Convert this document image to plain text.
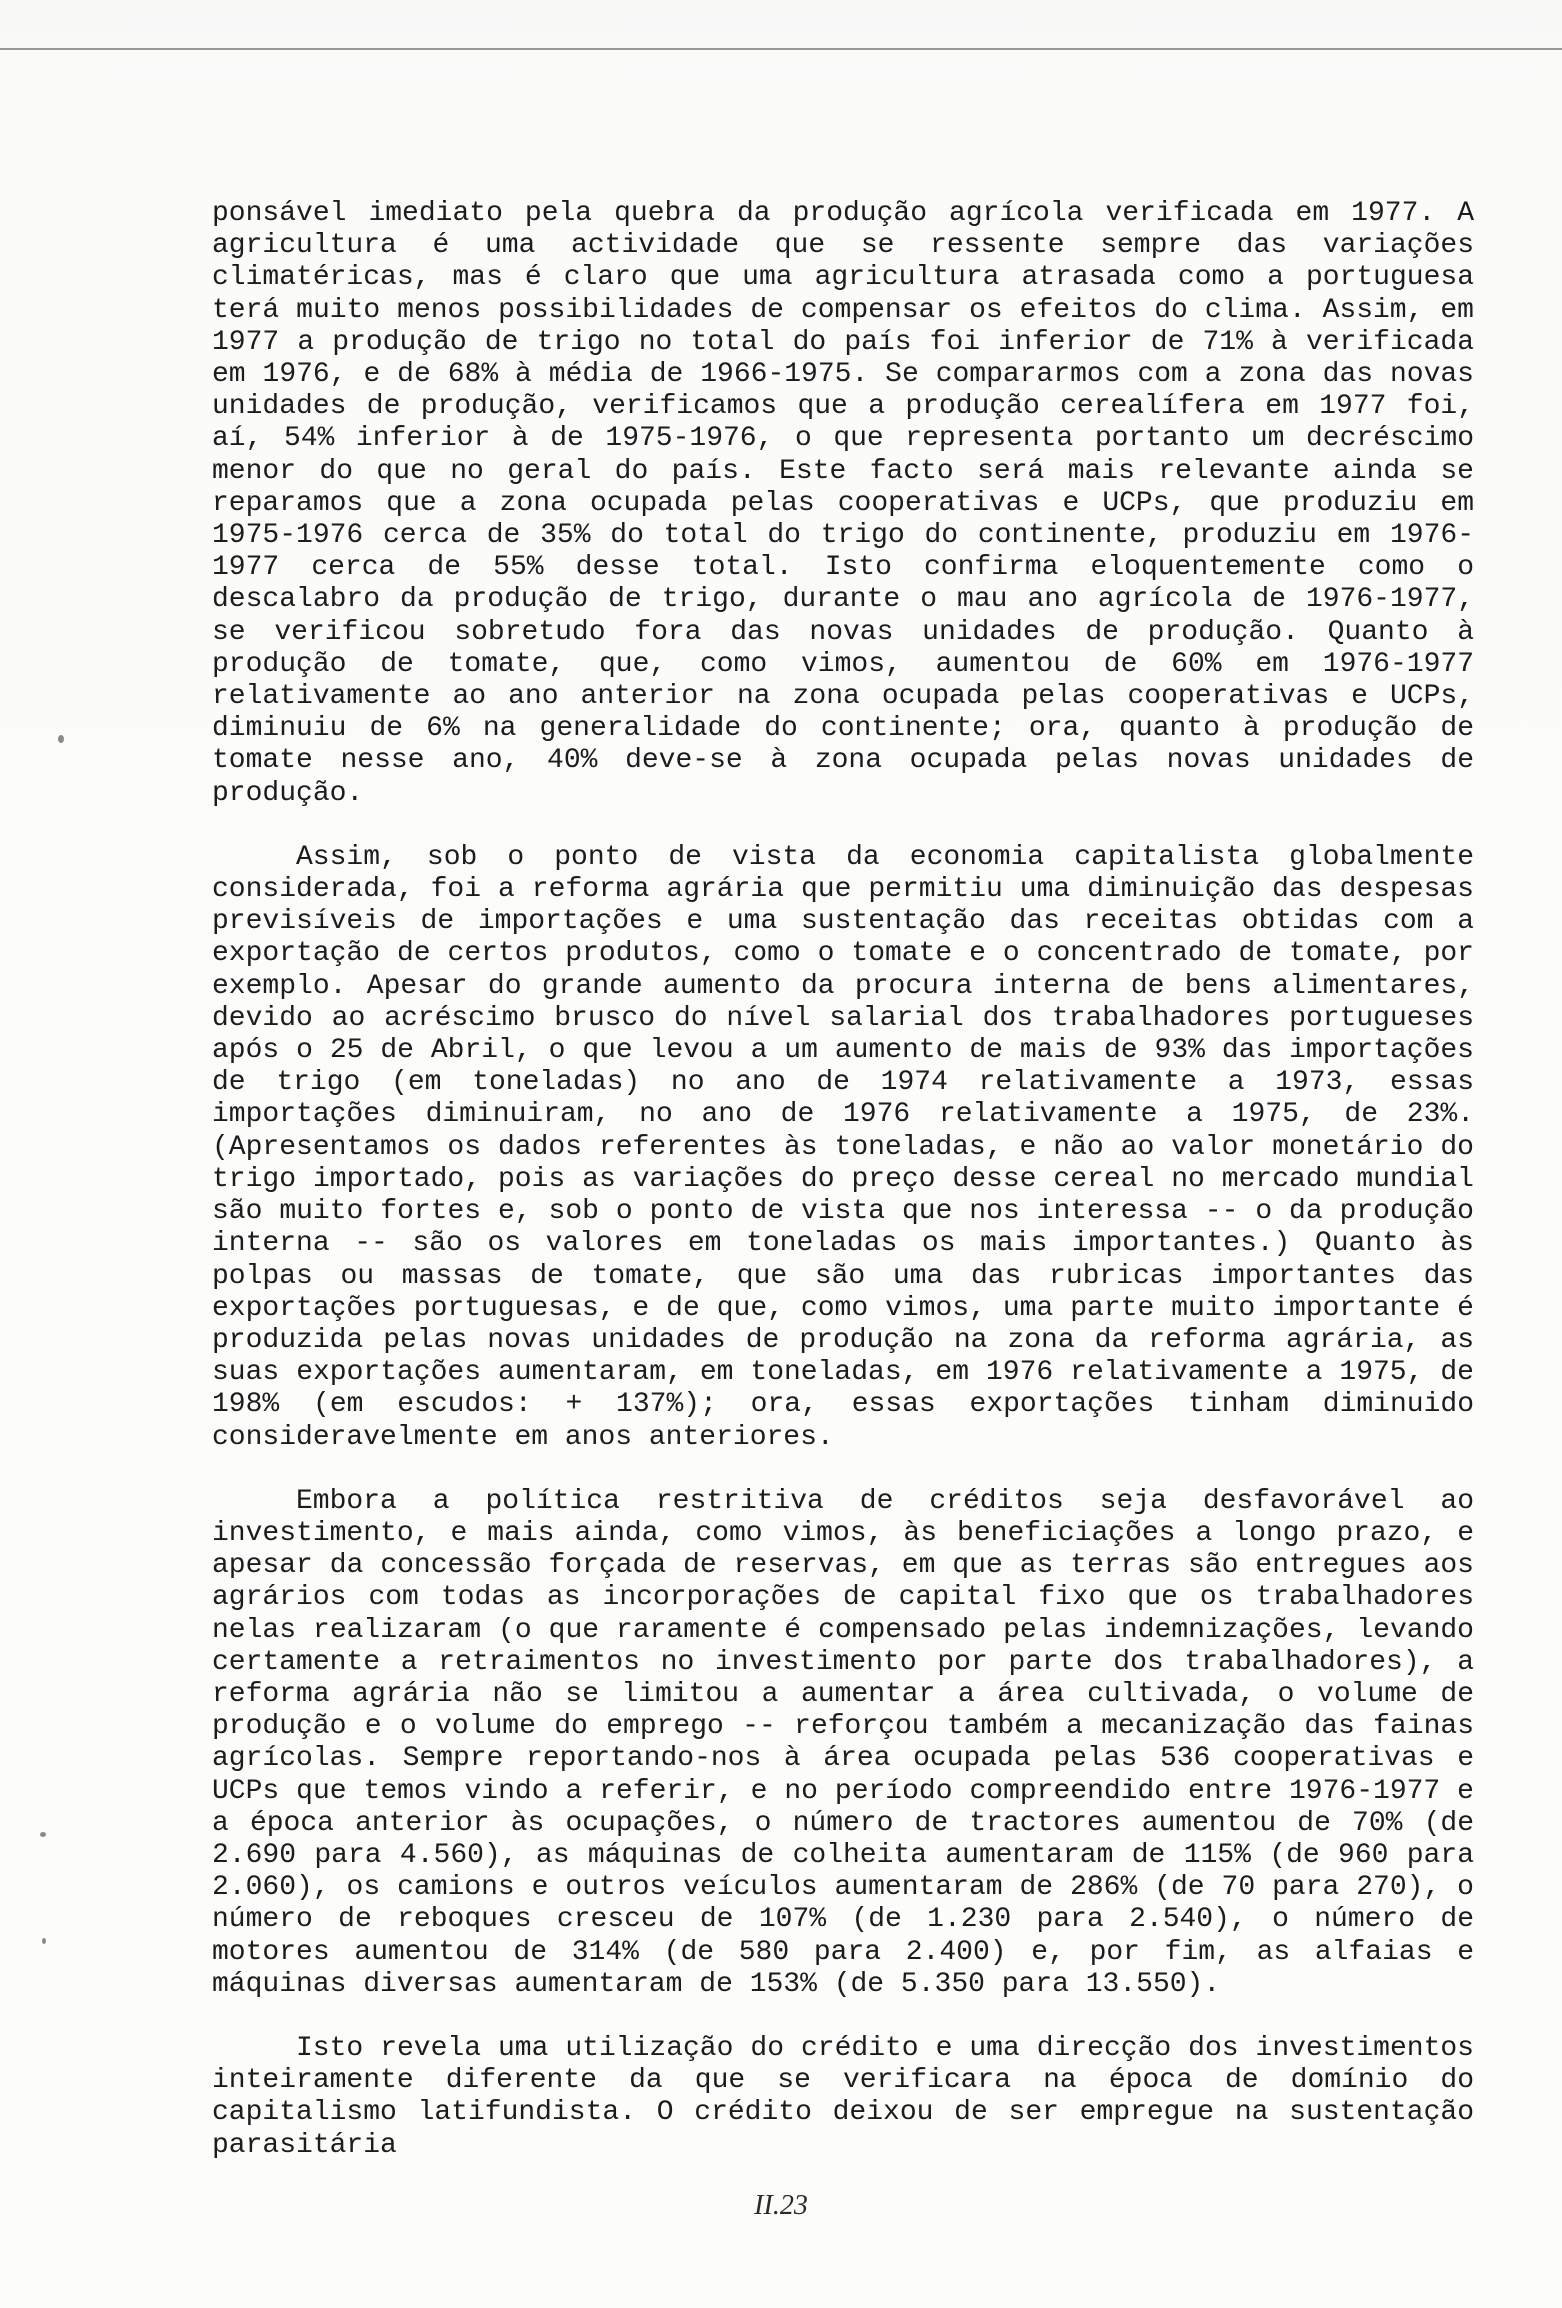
ponsável imediato pela quebra da produção agrícola verificada em 1977. A agricultura é uma actividade que se ressente sempre das variações climatéricas, mas é claro que uma agricultura atrasada como a portuguesa terá muito menos possibilidades de compensar os efeitos do clima. Assim, em 1977 a produção de trigo no total do país foi inferior de 71% à verificada em 1976, e de 68% à média de 1966-1975. Se compararmos com a zona das novas unidades de produção, verificamos que a produção cerealífera em 1977 foi, aí, 54% inferior à de 1975-1976, o que representa portanto um decréscimo menor do que no geral do país. Este facto será mais relevante ainda se reparamos que a zona ocupada pelas cooperativas e UCPs, que produziu em 1975-1976 cerca de 35% do total do trigo do continente, produziu em 1976-1977 cerca de 55% desse total. Isto confirma eloquentemente como o descalabro da produção de trigo, durante o mau ano agrícola de 1976-1977, se verificou sobretudo fora das novas unidades de produção. Quanto à produção de tomate, que, como vimos, aumentou de 60% em 1976-1977 relativamente ao ano anterior na zona ocupada pelas cooperativas e UCPs, diminuiu de 6% na generalidade do continente; ora, quanto à produção de tomate nesse ano, 40% deve-se à zona ocupada pelas novas unidades de produção.

Assim, sob o ponto de vista da economia capitalista globalmente considerada, foi a reforma agrária que permitiu uma diminuição das despesas previsíveis de importações e uma sustentação das receitas obtidas com a exportação de certos produtos, como o tomate e o concentrado de tomate, por exemplo. Apesar do grande aumento da procura interna de bens alimentares, devido ao acréscimo brusco do nível salarial dos trabalhadores portugueses após o 25 de Abril, o que levou a um aumento de mais de 93% das importações de trigo (em toneladas) no ano de 1974 relativamente a 1973, essas importações diminuiram, no ano de 1976 relativamente a 1975, de 23%. (Apresentamos os dados referentes às toneladas, e não ao valor monetário do trigo importado, pois as variações do preço desse cereal no mercado mundial são muito fortes e, sob o ponto de vista que nos interessa -- o da produção interna -- são os valores em toneladas os mais importantes.) Quanto às polpas ou massas de tomate, que são uma das rubricas importantes das exportações portuguesas, e de que, como vimos, uma parte muito importante é produzida pelas novas unidades de produção na zona da reforma agrária, as suas exportações aumentaram, em toneladas, em 1976 relativamente a 1975, de 198% (em escudos: + 137%); ora, essas exportações tinham diminuido consideravelmente em anos anteriores.

Embora a política restritiva de créditos seja desfavorável ao investimento, e mais ainda, como vimos, às beneficiações a longo prazo, e apesar da concessão forçada de reservas, em que as terras são entregues aos agrários com todas as incorporações de capital fixo que os trabalhadores nelas realizaram (o que raramente é compensado pelas indemnizações, levando certamente a retraimentos no investimento por parte dos trabalhadores), a reforma agrária não se limitou a aumentar a área cultivada, o volume de produção e o volume do emprego -- reforçou também a mecanização das fainas agrícolas. Sempre reportando-nos à área ocupada pelas 536 cooperativas e UCPs que temos vindo a referir, e no período compreendido entre 1976-1977 e a época anterior às ocupações, o número de tractores aumentou de 70% (de 2.690 para 4.560), as máquinas de colheita aumentaram de 115% (de 960 para 2.060), os camions e outros veículos aumentaram de 286% (de 70 para 270), o número de reboques cresceu de 107% (de 1.230 para 2.540), o número de motores aumentou de 314% (de 580 para 2.400) e, por fim, as alfaias e máquinas diversas aumentaram de 153% (de 5.350 para 13.550).

Isto revela uma utilização do crédito e uma direcção dos investimentos inteiramente diferente da que se verificara na época de domínio do capitalismo latifundista. O crédito deixou de ser empregue na sustentação parasitária

II.23
